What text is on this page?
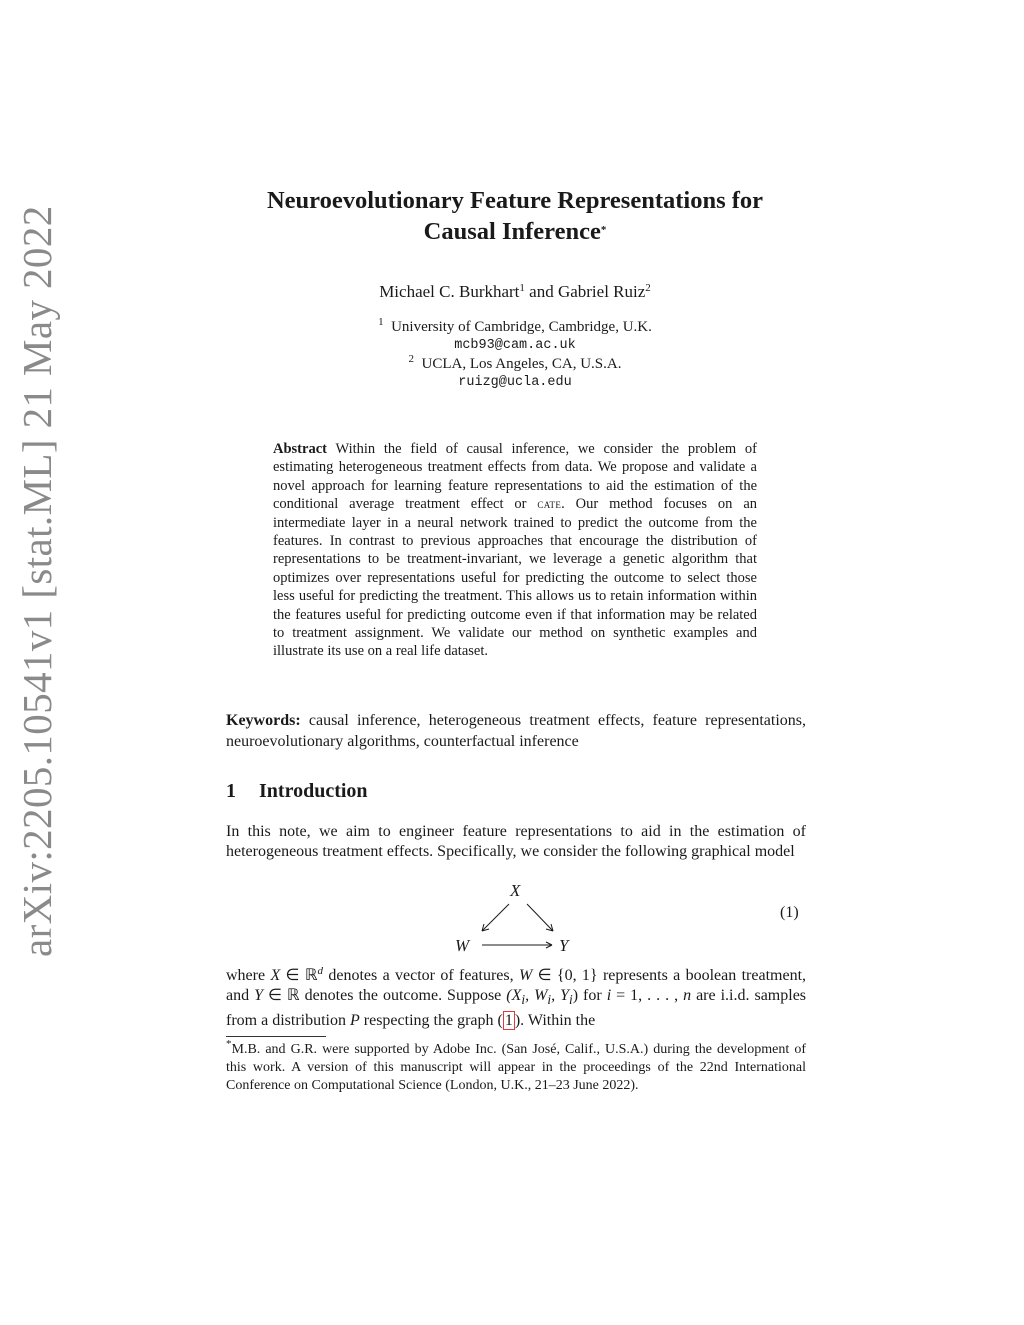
arXiv:2205.10541v1 [stat.ML] 21 May 2022
Neuroevolutionary Feature Representations for
Causal Inference*
Michael C. Burkhart$^1$ and Gabriel Ruiz$^2$
$^1$ University of Cambridge, Cambridge, U.K.
mcb93@cam.ac.uk
$^2$ UCLA, Los Angeles, CA, U.S.A.
ruizg@ucla.edu
Abstract Within the field of causal inference, we consider the problem of estimating heterogeneous treatment effects from data. We propose and validate a novel approach for learning feature representations to aid the estimation of the conditional average treatment effect or cate. Our method focuses on an intermediate layer in a neural network trained to predict the outcome from the features. In contrast to previous approaches that encourage the distribution of representations to be treatment-invariant, we leverage a genetic algorithm that optimizes over representations useful for predicting the outcome to select those less useful for predicting the treatment. This allows us to retain information within the features useful for predicting outcome even if that information may be related to treatment assignment. We validate our method on synthetic examples and illustrate its use on a real life dataset.
Keywords: causal inference, heterogeneous treatment effects, feature representations, neuroevolutionary algorithms, counterfactual inference
1 Introduction
In this note, we aim to engineer feature representations to aid in the estimation of heterogeneous treatment effects. Specifically, we consider the following graphical model
X
W	Y
(1)
where X ∈ ℝ$^d$ denotes a vector of features, W ∈ {0, 1} represents a boolean treatment, and Y ∈ ℝ denotes the outcome. Suppose ($X_i$, $W_i$, $Y_i$) for i = 1, . . . , n are i.i.d. samples from a distribution P respecting the graph ( 1 ). Within the
*M.B. and G.R. were supported by Adobe Inc. (San José, Calif., U.S.A.) during the development of this work. A version of this manuscript will appear in the proceedings of the 22nd International Conference on Computational Science (London, U.K., 21–23 June 2022).
